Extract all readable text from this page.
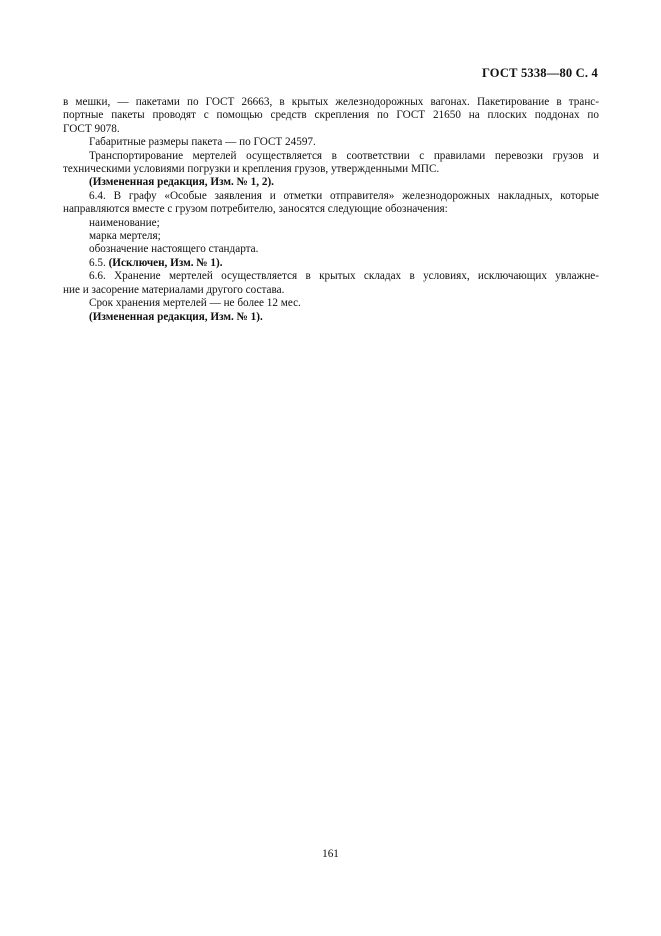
ГОСТ 5338—80 С. 4

в мешки, — пакетами по ГОСТ 26663, в крытых железнодорожных вагонах. Пакетирование в транс-

портные пакеты проводят с помощью средств скрепления по ГОСТ 21650 на плоских поддонах по

ГОСТ 9078.

Габаритные размеры пакета — по ГОСТ 24597.

Транспортирование мертелей осуществляется в соответствии с правилами перевозки грузов и

техническими условиями погрузки и крепления грузов, утвержденными МПС.

(Измененная редакция, Изм. № 1, 2).

6.4. В графу «Особые заявления и отметки отправителя» железнодорожных накладных, которые

направляются вместе с грузом потребителю, заносятся следующие обозначения:

наименование;

марка мертеля;

обозначение настоящего стандарта.

6.5. (Исключен, Изм. № 1).

6.6. Хранение мертелей осуществляется в крытых складах в условиях, исключающих увлажне-

ние и засорение материалами другого состава.

Срок хранения мертелей — не более 12 мес.

(Измененная редакция, Изм. № 1).

161
